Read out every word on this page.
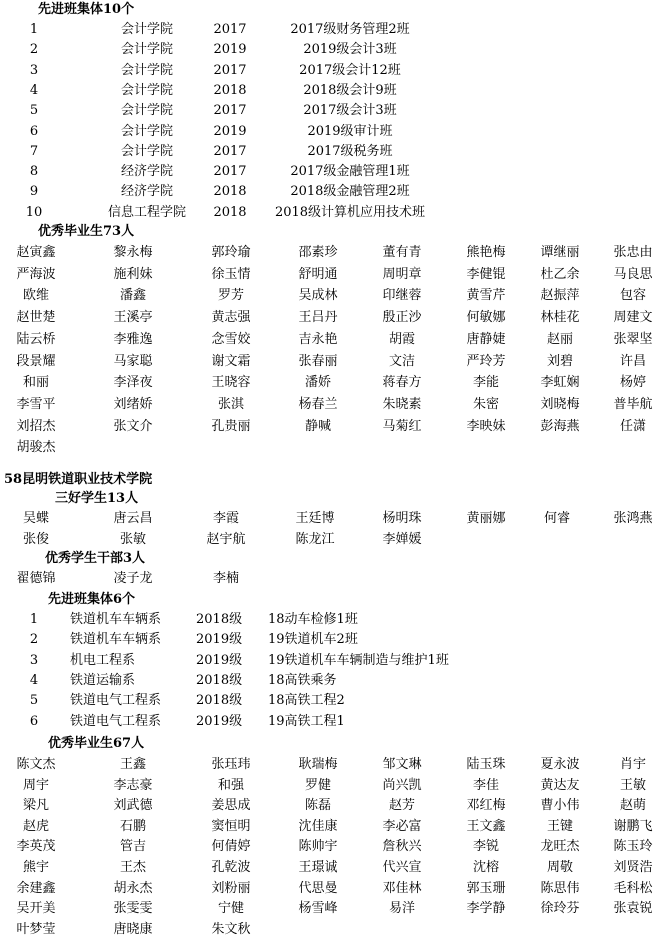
先进班集体10个
1	会计学院	2017	2017级财务管理2班
2	会计学院	2019	2019级会计3班
3	会计学院	2017	2017级会计12班
4	会计学院	2018	2018级会计9班
5	会计学院	2017	2017级会计3班
6	会计学院	2019	2019级审计班
7	会计学院	2017	2017级税务班
8	经济学院	2017	2017级金融管理1班
9	经济学院	2018	2018级金融管理2班
10	信息工程学院	2018	2018级计算机应用技术班
优秀毕业生73人
赵寅鑫	黎永梅	郭玲瑜	邵素珍	董有青	熊艳梅	谭继丽	张忠由
严海波	施利妹	徐玉情	舒明通	周明章	李健锟	杜乙余	马良思
欧维	潘鑫	罗芳	吴成林	印继蓉	黄雪芹	赵振萍	包容
赵世楚	王溪亭	黄志强	王吕丹	殷正沙	何敏娜	林桂花	周建文
陆云桥	李雅逸	念雪姣	吉永艳	胡霞	唐静婕	赵丽	张翠坚
段景耀	马家聪	谢文霜	张春丽	文洁	严玲芳	刘碧	许昌
和丽	李泽夜	王晓容	潘娇	蒋春方	李能	李虹娴	杨婷
李雪平	刘绪娇	张淇	杨春兰	朱晓素	朱密	刘晓梅	普毕航
刘招杰	张文介	孔贵丽	静喊	马菊红	李映妹	彭海燕	任潇
胡骏杰
58昆明铁道职业技术学院
三好学生13人
吴蝶	唐云昌	李霞	王廷博	杨明珠	黄丽娜	何睿	张鸿燕
张俊	张敏	赵宇航	陈龙江	李婵媛
优秀学生干部3人
翟德锦	凌子龙	李楠
先进班集体6个
1	铁道机车车辆系	2018级	18动车检修1班
2	铁道机车车辆系	2019级	19铁道机车2班
3	机电工程系	2019级	19铁道机车车辆制造与维护1班
4	铁道运输系	2018级	18高铁乘务
5	铁道电气工程系	2018级	18高铁工程2
6	铁道电气工程系	2019级	19高铁工程1
优秀毕业生67人
陈文杰	王鑫	张珏玮	耿瑞梅	邹文琳	陆玉珠	夏永波	肖宇
周宇	李志豪	和强	罗健	尚兴凯	李佳	黄达友	王敏
梁凡	刘武德	姜思成	陈磊	赵芳	邓红梅	曹小伟	赵萌
赵虎	石鹏	窦恒明	沈佳康	李必富	王文鑫	王键	谢鹏飞
李英茂	管吉	何倩婷	陈帅宇	詹秋兴	李锐	龙旺杰	陈玉玲
熊宇	王杰	孔乾波	王璟诚	代兴宣	沈榕	周敬	刘贤浩
余建鑫	胡永杰	刘粉丽	代思曼	邓佳林	郭玉珊	陈思伟	毛科松
吴开美	张雯雯	宁健	杨雪峰	易洋	李学静	徐玲芬	张袁锐
叶梦莹	唐晓康	朱文秋
